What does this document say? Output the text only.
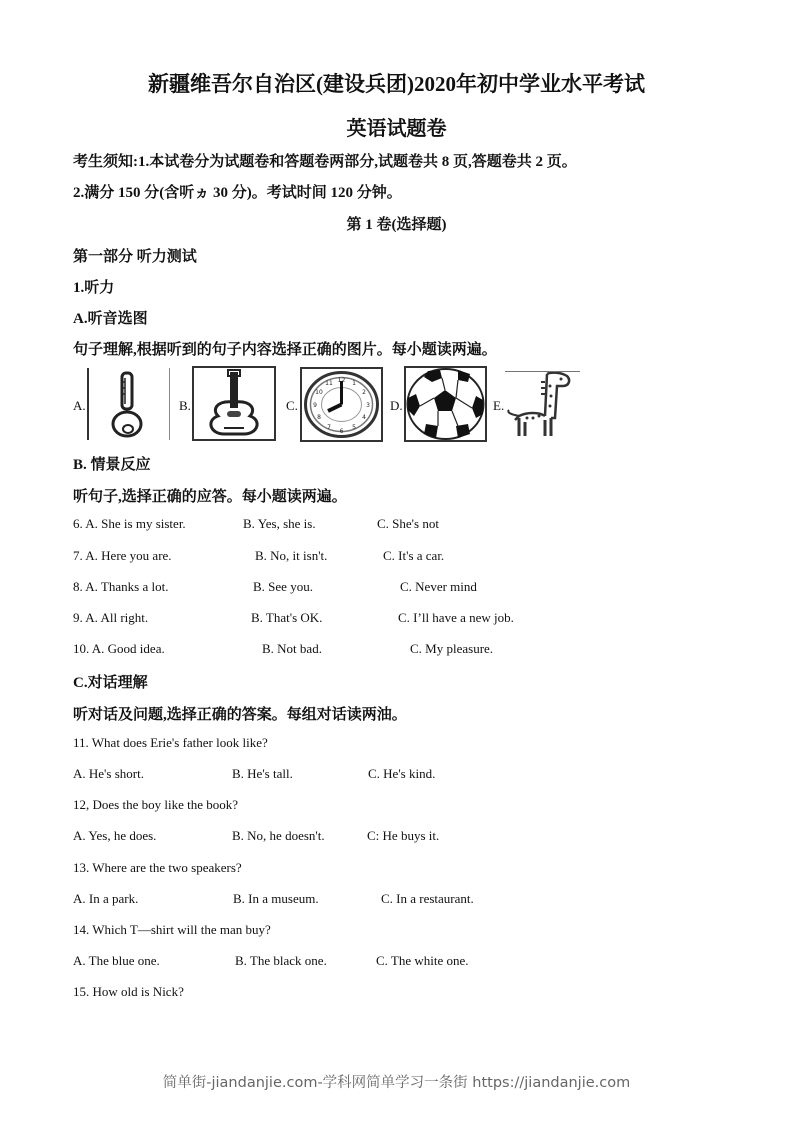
新疆维吾尔自治区(建设兵团)2020年初中学业水平考试
英语试题卷
考生须知:1.本试卷分为试题卷和答题卷两部分,试题卷共 8 页,答题卷共 2 页。
2.满分 150 分(含听ヵ 30 分)。考试时间 120 分钟。
第 1 卷(选择题)
第一部分 听力测试
1.听力
A.听音选图
句子理解,根据听到的句子内容选择正确的图片。每小题读两遍。
A.	B.	C.
12 1
2
3
4
5
6
7
8
9
10
11
D.	E.
B. 情景反应
听句子,选择正确的应答。每小题读两遍。
6. A. She is my sister.	B. Yes, she is.	C. She's not
7. A. Here you are.	B. No, it isn't.	C. It's a car.
8. A. Thanks a lot.	B. See you.	C. Never mind
9. A. All right.	B. That's OK.	C. I’ll have a new job.
10. A. Good idea.	B. Not bad.	C. My pleasure.
C.对话理解
听对话及问题,选择正确的答案。每组对话读两油。
11. What does Erie's father look like?
A. He's short.	B. He's tall.	C. He's kind.
12, Does the boy like the book?
A. Yes, he does.	B. No, he doesn't.	C: He buys it.
13. Where are the two speakers?
A. In a park.	B. In a museum.	C. In a restaurant.
14. Which T—shirt will the man buy?
A. The blue one.	B. The black one.	C. The white one.
15. How old is Nick?
简单街-jiandanjie.com-学科网简单学习一条街 https://jiandanjie.com
